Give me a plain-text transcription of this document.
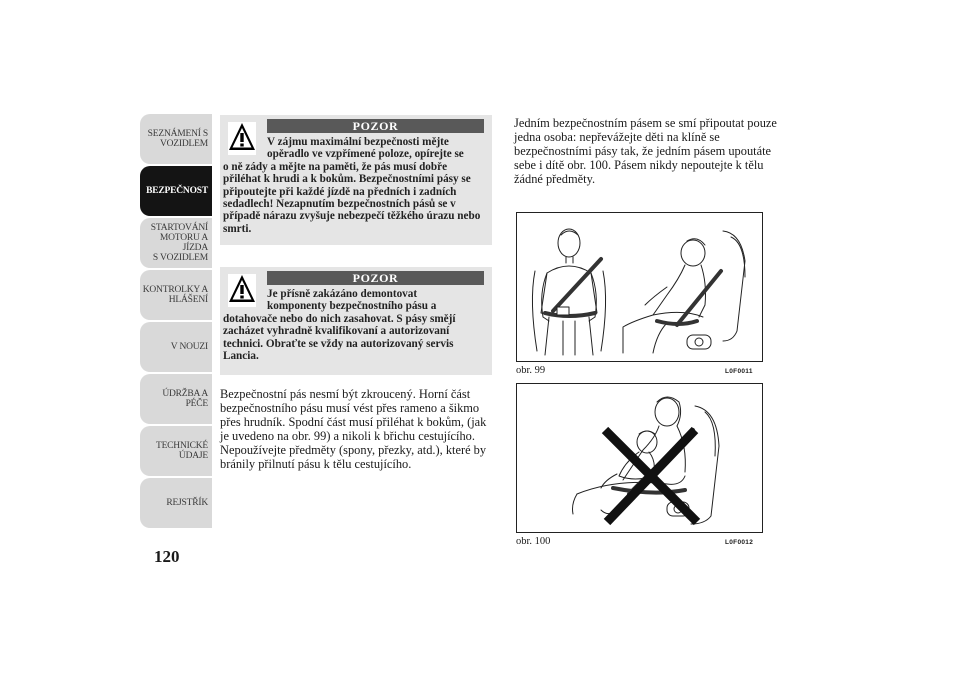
SEZNÁMENÍ S
VOZIDLEM
BEZPEČNOST
STARTOVÁNÍ
MOTORU A JÍZDA
S VOZIDLEM
KONTROLKY A
HLÁŠENÍ
V NOUZI
ÚDRŽBA A PÉČE
TECHNICKÉ
ÚDAJE
REJSTŘÍK
120
POZOR
V zájmu maximální bezpečnosti mějte
opěradlo ve vzpřímené poloze, opírejte se
o ně zády a mějte na paměti, že pás musí dobře přiléhat k hrudi a k bokům. Bezpečnostními pásy se připoutejte při každé jízdě na předních i zadních sedadlech! Nezapnutím bezpečnostních pásů se v případě nárazu zvyšuje nebezpečí těžkého úrazu nebo smrti.
POZOR
Je přísně zakázáno demontovat
komponenty bezpečnostního pásu a
dotahovače nebo do nich zasahovat. S pásy smějí zacházet vyhradně kvalifikovaní a autorizovaní technici. Obraťte se vždy na autorizovaný servis Lancia.

Bezpečnostní pás nesmí být zkroucený. Horní část bezpečnostního pásu musí vést přes rameno a šikmo přes hrudník. Spodní část musí přiléhat k bokům, (jak je uvedeno na obr. 99) a nikoli k břichu cestujícího. Nepoužívejte předměty (spony, přezky, atd.), které by bránily přilnutí pásu k tělu cestujícího.

Jedním bezpečnostním pásem se smí připoutat pouze jedna osoba: nepřevážejte děti na klíně se bezpečnostními pásy tak, že jedním pásem upoutáte sebe i dítě obr. 100. Pásem nikdy nepoutejte k tělu žádné předměty.

obr. 99	L0F0011
obr. 100	L0F0012
